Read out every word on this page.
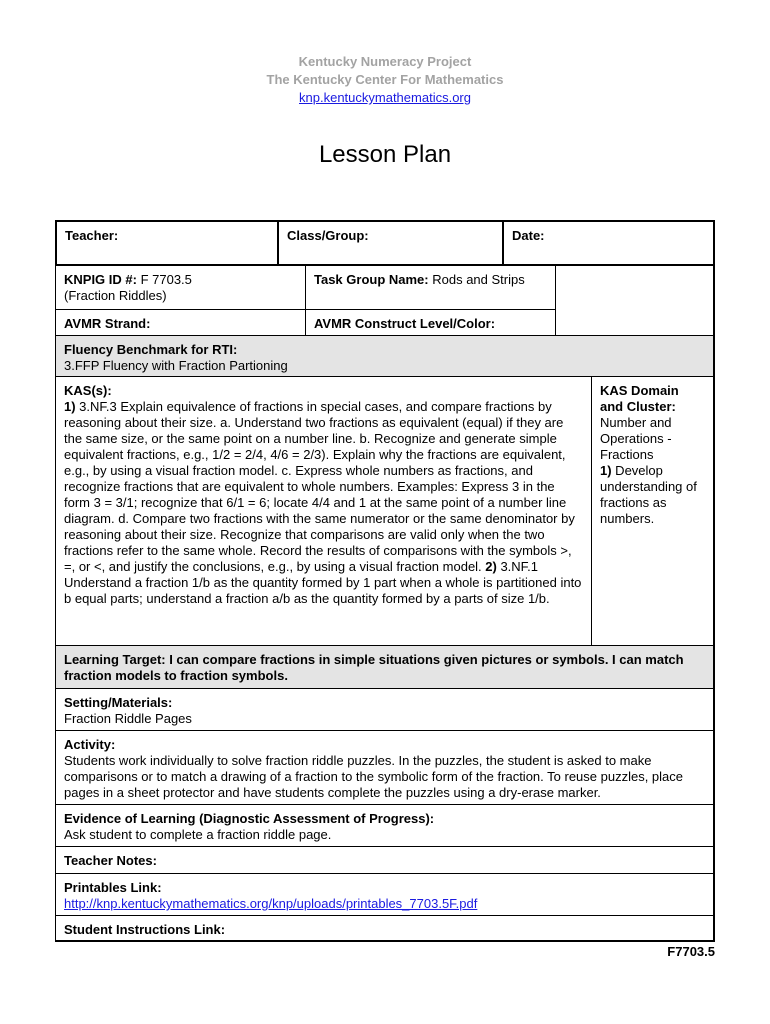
Kentucky Numeracy Project
The Kentucky Center For Mathematics
knp.kentuckymathematics.org
Lesson Plan
Teacher:	Class/Group:	Date:
KNPIG ID #: F 7703.5
(Fraction Riddles)
Task Group Name: Rods and Strips
AVMR Strand:	AVMR Construct Level/Color:
Fluency Benchmark for RTI:
3.FFP Fluency with Fraction Partioning
KAS(s):
1) 3.NF.3 Explain equivalence of fractions in special cases, and compare fractions by reasoning about their size. a. Understand two fractions as equivalent (equal) if they are the same size, or the same point on a number line. b. Recognize and generate simple equivalent fractions, e.g., 1/2 = 2/4, 4/6 = 2/3). Explain why the fractions are equivalent, e.g., by using a visual fraction model. c. Express whole numbers as fractions, and recognize fractions that are equivalent to whole numbers. Examples: Express 3 in the form 3 = 3/1; recognize that 6/1 = 6; locate 4/4 and 1 at the same point of a number line diagram. d. Compare two fractions with the same numerator or the same denominator by reasoning about their size. Recognize that comparisons are valid only when the two fractions refer to the same whole. Record the results of comparisons with the symbols >, =, or <, and justify the conclusions, e.g., by using a visual fraction model. 2) 3.NF.1 Understand a fraction 1/b as the quantity formed by 1 part when a whole is partitioned into b equal parts; understand a fraction a/b as the quantity formed by a parts of size 1/b.
KAS Domain and Cluster:
Number and Operations - Fractions
1) Develop understanding of fractions as numbers.
Learning Target: I can compare fractions in simple situations given pictures or symbols. I can match fraction models to fraction symbols.
Setting/Materials:
Fraction Riddle Pages
Activity:
Students work individually to solve fraction riddle puzzles. In the puzzles, the student is asked to make comparisons or to match a drawing of a fraction to the symbolic form of the fraction. To reuse puzzles, place pages in a sheet protector and have students complete the puzzles using a dry-erase marker.
Evidence of Learning (Diagnostic Assessment of Progress):
Ask student to complete a fraction riddle page.
Teacher Notes:
Printables Link:
http://knp.kentuckymathematics.org/knp/uploads/printables_7703.5F.pdf
Student Instructions Link:
F7703.5
